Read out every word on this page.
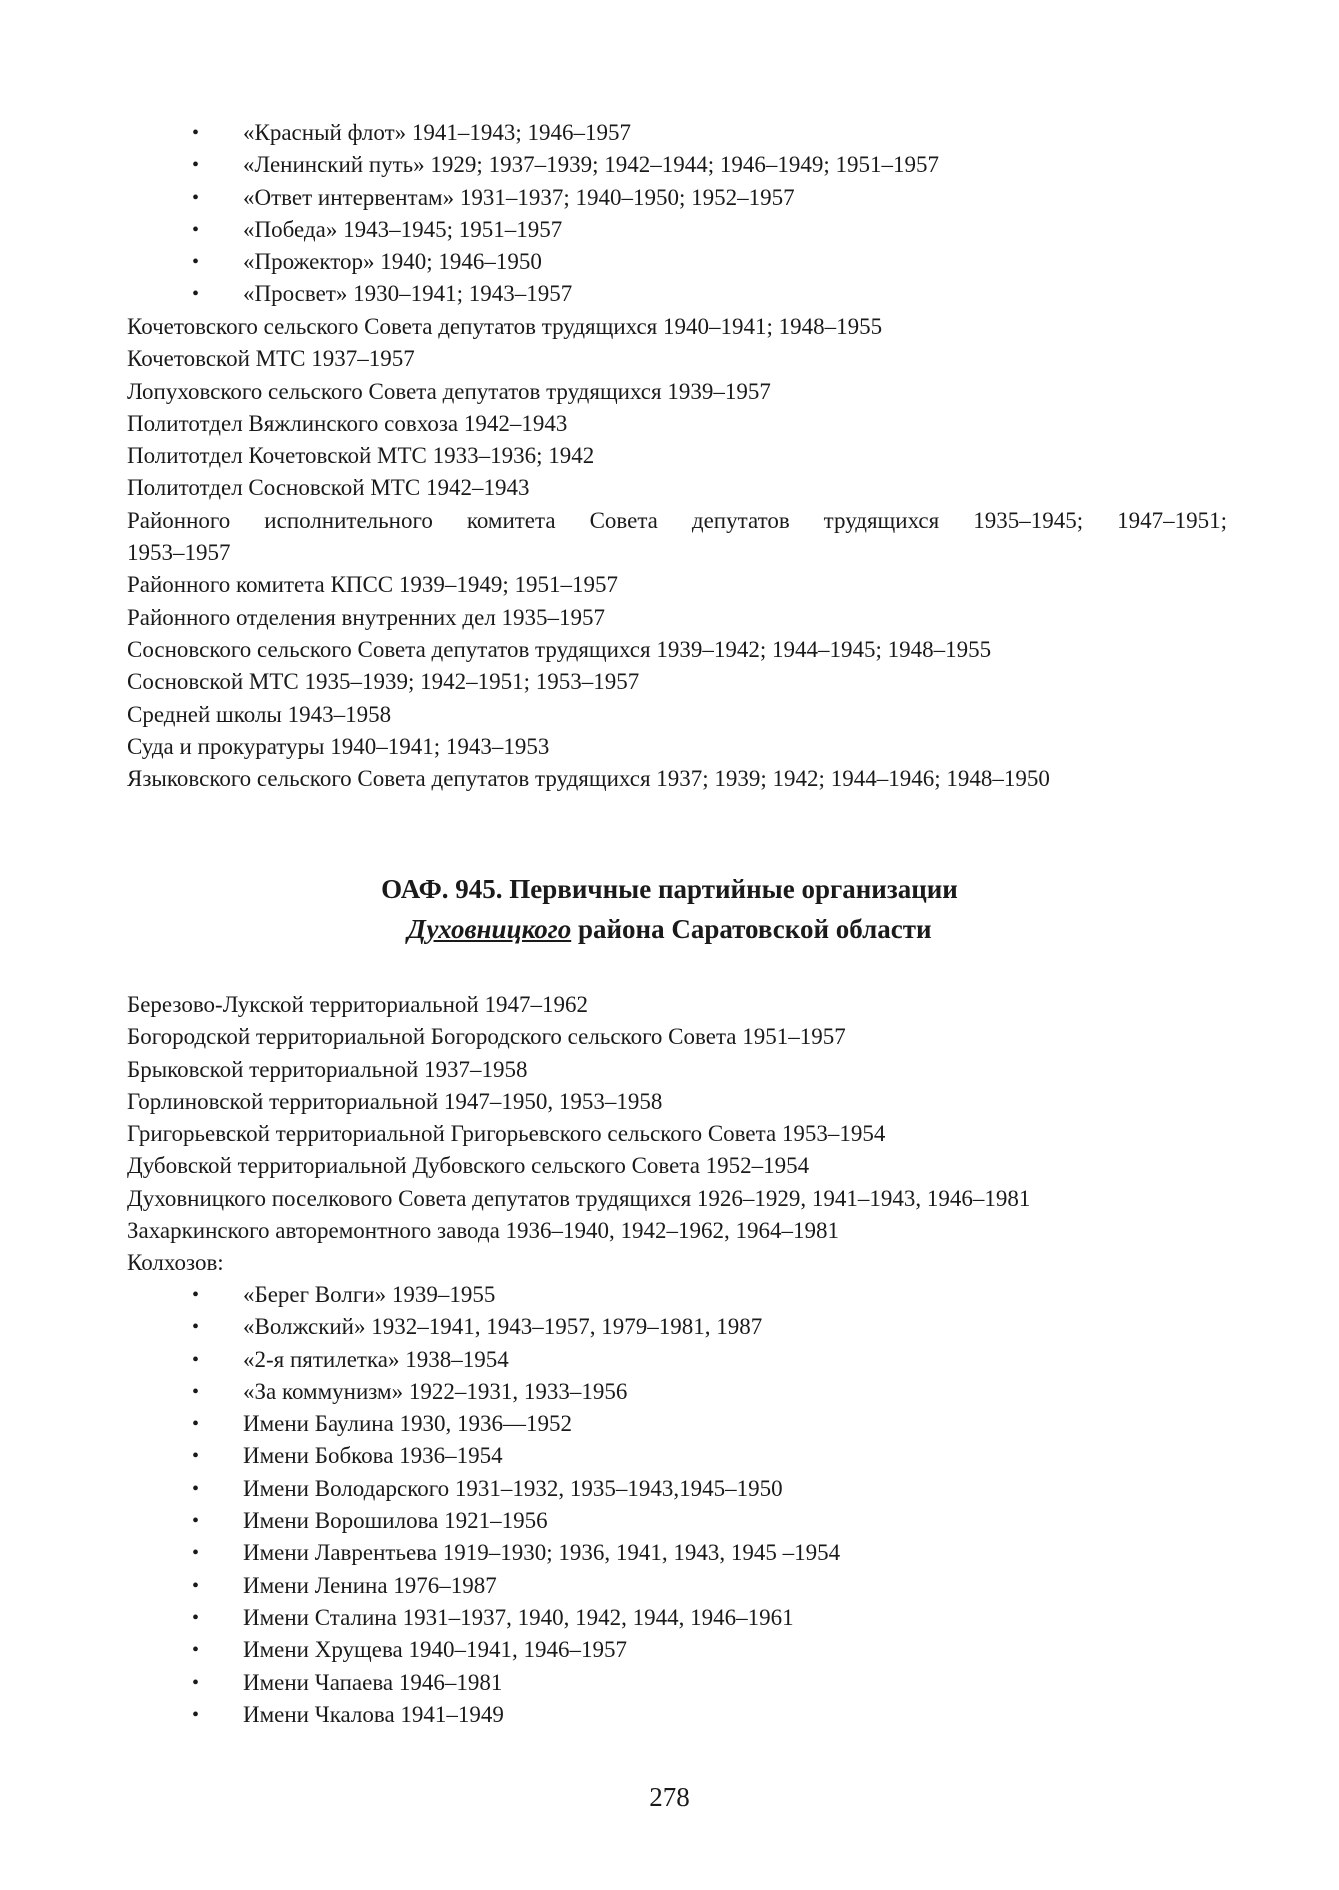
• «Красный флот» 1941–1943; 1946–1957
• «Ленинский путь» 1929; 1937–1939; 1942–1944; 1946–1949; 1951–1957
• «Ответ интервентам» 1931–1937; 1940–1950; 1952–1957
• «Победа» 1943–1945; 1951–1957
• «Прожектор» 1940; 1946–1950
• «Просвет» 1930–1941; 1943–1957
Кочетовского сельского Совета депутатов трудящихся 1940–1941; 1948–1955
Кочетовской МТС 1937–1957
Лопуховского сельского Совета депутатов трудящихся 1939–1957
Политотдел Вяжлинского совхоза 1942–1943
Политотдел Кочетовской МТС 1933–1936; 1942
Политотдел Сосновской МТС 1942–1943
Районного исполнительного комитета Совета депутатов трудящихся 1935–1945; 1947–1951;
1953–1957
Районного комитета КПСС 1939–1949; 1951–1957
Районного отделения внутренних дел 1935–1957
Сосновского сельского Совета депутатов трудящихся 1939–1942; 1944–1945; 1948–1955
Сосновской МТС 1935–1939; 1942–1951; 1953–1957
Средней школы 1943–1958
Суда и прокуратуры 1940–1941; 1943–1953
Языковского сельского Совета депутатов трудящихся 1937; 1939; 1942; 1944–1946; 1948–1950
ОАФ. 945. Первичные партийные организации
Духовницкого района Саратовской области
Березово-Лукской территориальной 1947–1962
Богородской территориальной Богородского сельского Совета 1951–1957
Брыковской территориальной 1937–1958
Горлиновской территориальной 1947–1950, 1953–1958
Григорьевской территориальной Григорьевского сельского Совета 1953–1954
Дубовской территориальной Дубовского сельского Совета 1952–1954
Духовницкого поселкового Совета депутатов трудящихся 1926–1929, 1941–1943, 1946–1981
Захаркинского авторемонтного завода 1936–1940, 1942–1962, 1964–1981
Колхозов:
• «Берег Волги» 1939–1955
• «Волжский» 1932–1941, 1943–1957, 1979–1981, 1987
• «2-я пятилетка» 1938–1954
• «За коммунизм» 1922–1931, 1933–1956
• Имени Баулина 1930, 1936––1952
• Имени Бобкова 1936–1954
• Имени Володарского 1931–1932, 1935–1943,1945–1950
• Имени Ворошилова 1921–1956
• Имени Лаврентьева 1919–1930; 1936, 1941, 1943, 1945 –1954
• Имени Ленина 1976–1987
• Имени Сталина 1931–1937, 1940, 1942, 1944, 1946–1961
• Имени Хрущева 1940–1941, 1946–1957
• Имени Чапаева 1946–1981
• Имени Чкалова 1941–1949
278
